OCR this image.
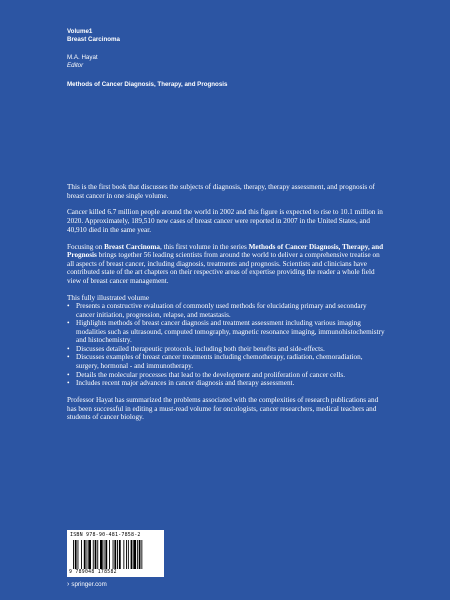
Volume1
Breast Carcinoma
M.A. Hayat
Editor
Methods of Cancer Diagnosis, Therapy, and Prognosis

This is the first book that discusses the subjects of diagnosis, therapy, therapy assessment, and prognosis of breast cancer in one single volume.

Cancer killed 6.7 million people around the world in 2002 and this figure is expected to rise to 10.1 million in 2020. Approximately, 189,510 new cases of breast cancer were reported in 2007 in the United States, and 40,910 died in the same year.

Focusing on Breast Carcinoma, this first volume in the series Methods of Cancer Diagnosis, Therapy, and Prognosis brings together 56 leading scientists from around the world to deliver a comprehensive treatise on all aspects of breast cancer, including diagnosis, treatments and prognosis. Scientists and clinicians have contributed state of the art chapters on their respective areas of expertise providing the reader a whole field view of breast cancer management.

This fully illustrated volume

• Presents a constructive evaluation of commonly used methods for elucidating primary and secondary cancer initiation, progression, relapse, and metastasis.
• Highlights methods of breast cancer diagnosis and treatment assessment including various imaging modalities such as ultrasound, computed tomography, magnetic resonance imaging, immunohistochemistry and histochemistry.
• Discusses detailed therapeutic protocols, including both their benefits and side-effects.
• Discusses examples of breast cancer treatments including chemotherapy, radiation, chemoradiation, surgery, hormonal - and immunotherapy.
• Details the molecular processes that lead to the development and proliferation of cancer cells.
• Includes recent major advances in cancer diagnosis and therapy assessment.

Professor Hayat has summarized the problems associated with the complexities of research publications and has been successful in editing a must-read volume for oncologists, cancer researchers, medical teachers and students of cancer biology.

ISBN 978-90-481-7858-2
9 789048 178582
› springer.com
